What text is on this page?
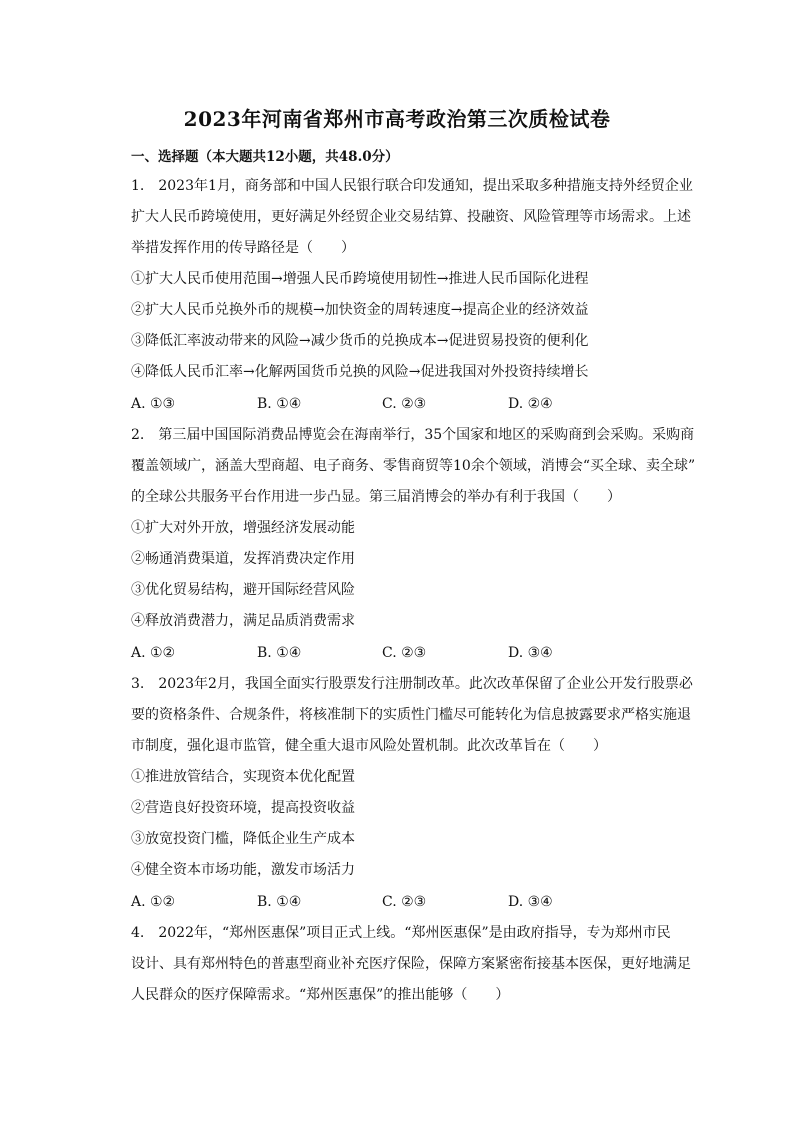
2023年河南省郑州市高考政治第三次质检试卷
一、选择题（本大题共12小题，共48.0分）
1.　2023年1月，商务部和中国人民银行联合印发通知，提出采取多种措施支持外经贸企业
扩大人民币跨境使用，更好满足外经贸企业交易结算、投融资、风险管理等市场需求。上述
举措发挥作用的传导路径是（　　）
①扩大人民币使用范围→增强人民币跨境使用韧性→推进人民币国际化进程
②扩大人民币兑换外币的规模→加快资金的周转速度→提高企业的经济效益
③降低汇率波动带来的风险→减少货币的兑换成本→促进贸易投资的便利化
④降低人民币汇率→化解两国货币兑换的风险→促进我国对外投资持续增长
A. ①③	B. ①④	C. ②③	D. ②④
2.　第三届中国国际消费品博览会在海南举行，35个国家和地区的采购商到会采购。采购商
覆盖领域广，涵盖大型商超、电子商务、零售商贸等10余个领域，消博会“买全球、卖全球”
的全球公共服务平台作用进一步凸显。第三届消博会的举办有利于我国（　　）
①扩大对外开放，增强经济发展动能
②畅通消费渠道，发挥消费决定作用
③优化贸易结构，避开国际经营风险
④释放消费潜力，满足品质消费需求
A. ①②	B. ①④	C. ②③	D. ③④
3.　2023年2月，我国全面实行股票发行注册制改革。此次改革保留了企业公开发行股票必
要的资格条件、合规条件，将核准制下的实质性门槛尽可能转化为信息披露要求严格实施退
市制度，强化退市监管，健全重大退市风险处置机制。此次改革旨在（　　）
①推进放管结合，实现资本优化配置
②营造良好投资环境，提高投资收益
③放宽投资门槛，降低企业生产成本
④健全资本市场功能，激发市场活力
A. ①②	B. ①④	C. ②③	D. ③④
4.　2022年，“郑州医惠保”项目正式上线。“郑州医惠保”是由政府指导，专为郑州市民
设计、具有郑州特色的普惠型商业补充医疗保险，保障方案紧密衔接基本医保，更好地满足
人民群众的医疗保障需求。“郑州医惠保”的推出能够（　　）
